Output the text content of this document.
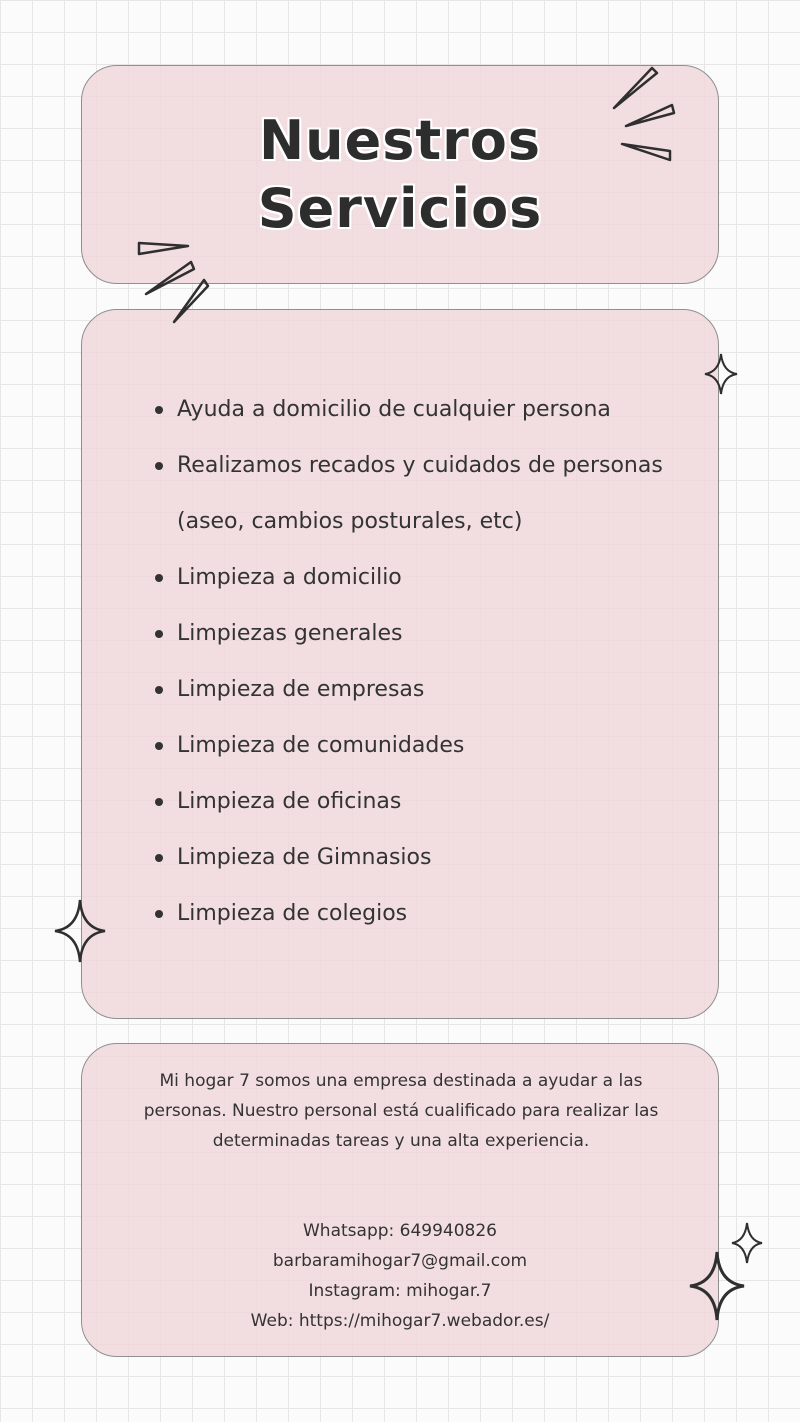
Nuestros
Servicios
Ayuda a domicilio de cualquier persona
Realizamos recados y cuidados de personas (aseo, cambios posturales, etc)
Limpieza a domicilio
Limpiezas generales
Limpieza de empresas
Limpieza de comunidades
Limpieza de oficinas
Limpieza de Gimnasios
Limpieza de colegios

Mi hogar 7 somos una empresa destinada a ayudar a las personas. Nuestro personal está cualificado para realizar las determinadas tareas y una alta experiencia.

Whatsapp: 649940826
barbaramihogar7@gmail.com
Instagram: mihogar.7
Web: https://mihogar7.webador.es/
